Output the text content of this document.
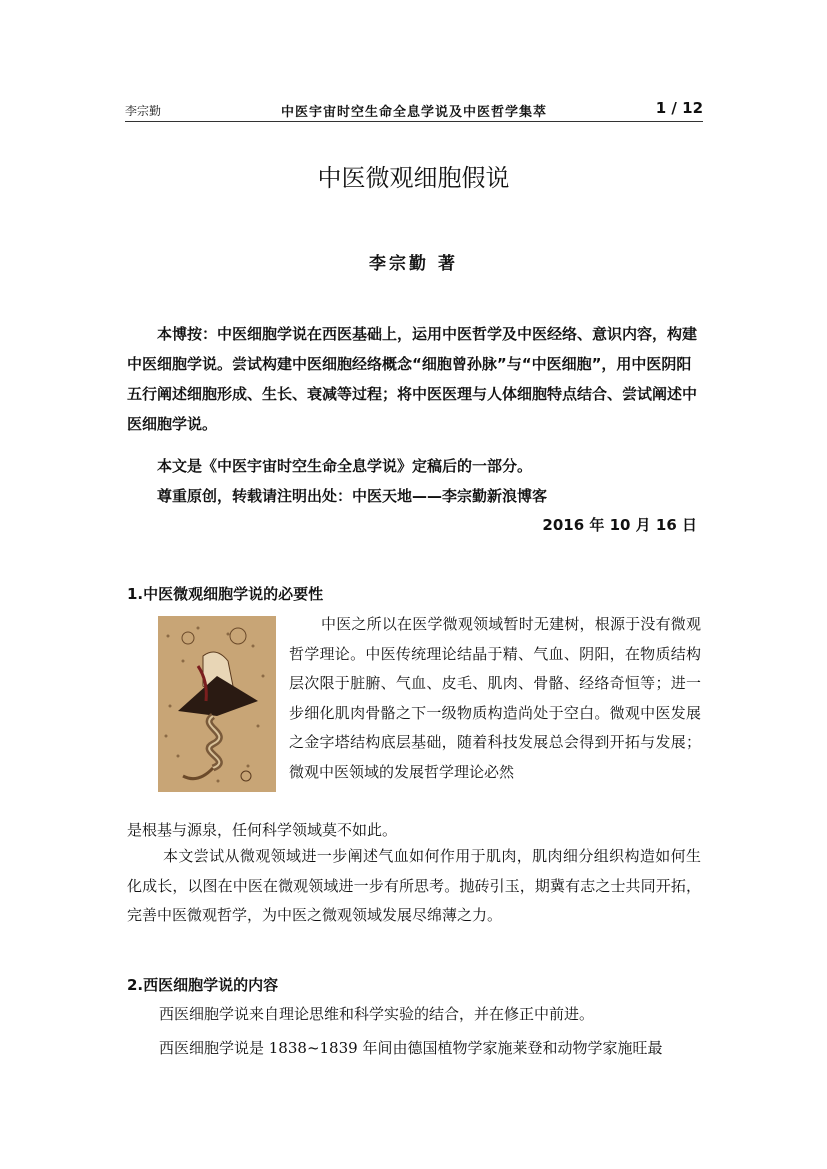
李宗勤	中医宇宙时空生命全息学说及中医哲学集萃	1 / 12
中医微观细胞假说
李宗勤 著
本博按：中医细胞学说在西医基础上，运用中医哲学及中医经络、意识内容，构建中医细胞学说。尝试构建中医细胞经络概念“细胞曾孙脉”与“中医细胞”，用中医阴阳五行阐述细胞形成、生长、衰减等过程；将中医医理与人体细胞特点结合、尝试阐述中医细胞学说。
本文是《中医宇宙时空生命全息学说》定稿后的一部分。
尊重原创，转载请注明出处：中医天地——李宗勤新浪博客
2016 年 10 月 16 日
1.中医微观细胞学说的必要性
中医之所以在医学微观领域暂时无建树，根源于没有微观哲学理论。中医传统理论结晶于精、气血、阴阳，在物质结构层次限于脏腑、气血、皮毛、肌肉、骨骼、经络奇恒等；进一步细化肌肉骨骼之下一级物质构造尚处于空白。微观中医发展之金字塔结构底层基础，随着科技发展总会得到开拓与发展；微观中医领域的发展哲学理论必然
是根基与源泉，任何科学领域莫不如此。
本文尝试从微观领域进一步阐述气血如何作用于肌肉，肌肉细分组织构造如何生化成长，以图在中医在微观领域进一步有所思考。抛砖引玉，期冀有志之士共同开拓，完善中医微观哲学，为中医之微观领域发展尽绵薄之力。
2.西医细胞学说的内容
西医细胞学说来自理论思维和科学实验的结合，并在修正中前进。
西医细胞学说是 1838~1839 年间由德国植物学家施莱登和动物学家施旺最
